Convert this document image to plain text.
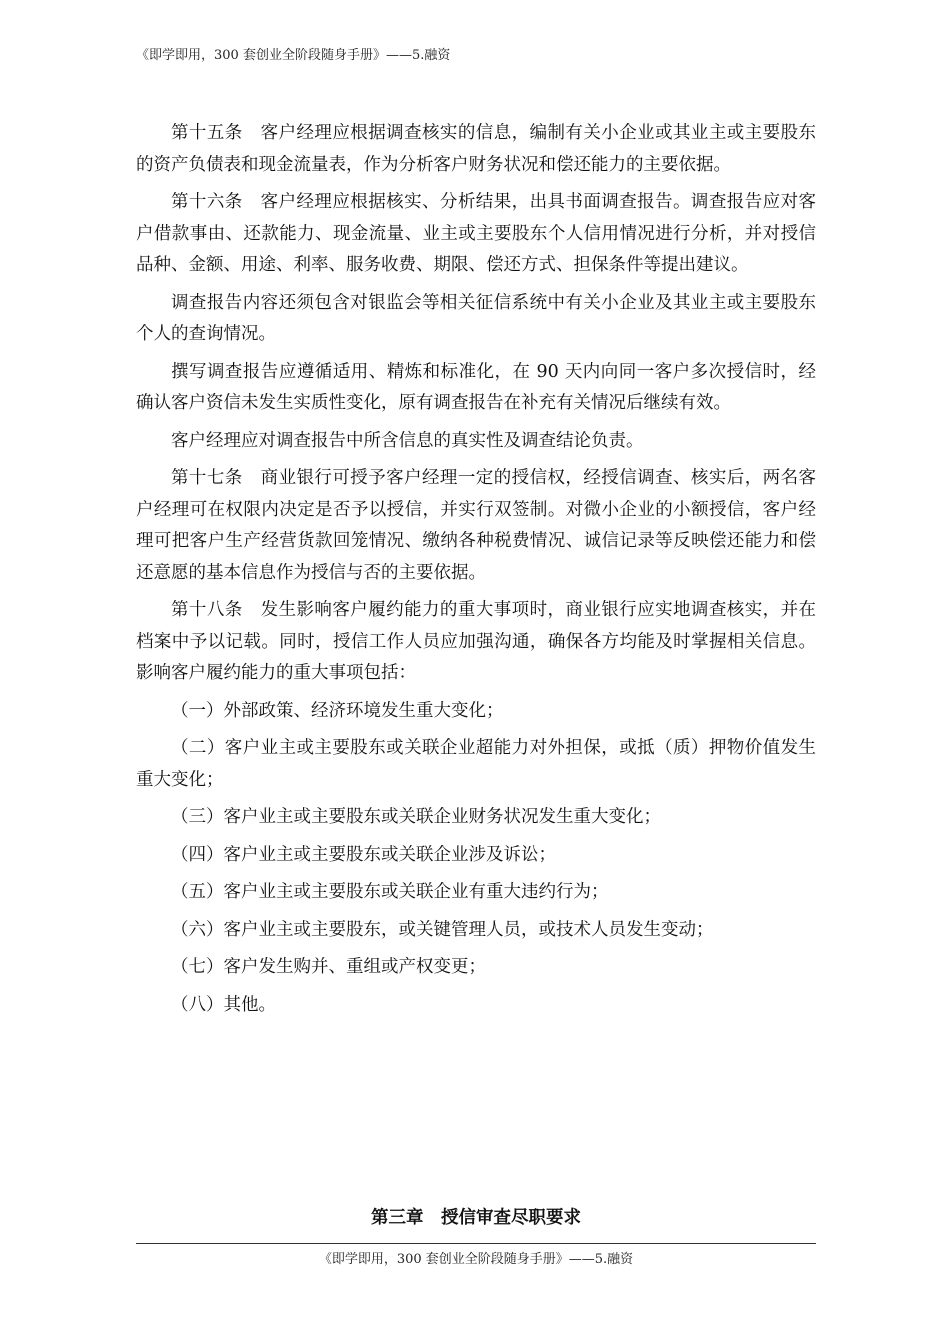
《即学即用，300 套创业全阶段随身手册》——5.融资

第十五条　客户经理应根据调查核实的信息，编制有关小企业或其业主或主要股东的资产负债表和现金流量表，作为分析客户财务状况和偿还能力的主要依据。

第十六条　客户经理应根据核实、分析结果，出具书面调查报告。调查报告应对客户借款事由、还款能力、现金流量、业主或主要股东个人信用情况进行分析，并对授信品种、金额、用途、利率、服务收费、期限、偿还方式、担保条件等提出建议。

调查报告内容还须包含对银监会等相关征信系统中有关小企业及其业主或主要股东个人的查询情况。

撰写调查报告应遵循适用、精炼和标准化，在 90 天内向同一客户多次授信时，经确认客户资信未发生实质性变化，原有调查报告在补充有关情况后继续有效。

客户经理应对调查报告中所含信息的真实性及调查结论负责。

第十七条　商业银行可授予客户经理一定的授信权，经授信调查、核实后，两名客户经理可在权限内决定是否予以授信，并实行双签制。对微小企业的小额授信，客户经理可把客户生产经营货款回笼情况、缴纳各种税费情况、诚信记录等反映偿还能力和偿还意愿的基本信息作为授信与否的主要依据。

第十八条　发生影响客户履约能力的重大事项时，商业银行应实地调查核实，并在档案中予以记载。同时，授信工作人员应加强沟通，确保各方均能及时掌握相关信息。影响客户履约能力的重大事项包括：

（一）外部政策、经济环境发生重大变化；

（二）客户业主或主要股东或关联企业超能力对外担保，或抵（质）押物价值发生重大变化；

（三）客户业主或主要股东或关联企业财务状况发生重大变化；

（四）客户业主或主要股东或关联企业涉及诉讼；

（五）客户业主或主要股东或关联企业有重大违约行为；

（六）客户业主或主要股东，或关键管理人员，或技术人员发生变动；

（七）客户发生购并、重组或产权变更；

（八）其他。

第三章　授信审查尽职要求
《即学即用，300 套创业全阶段随身手册》——5.融资
